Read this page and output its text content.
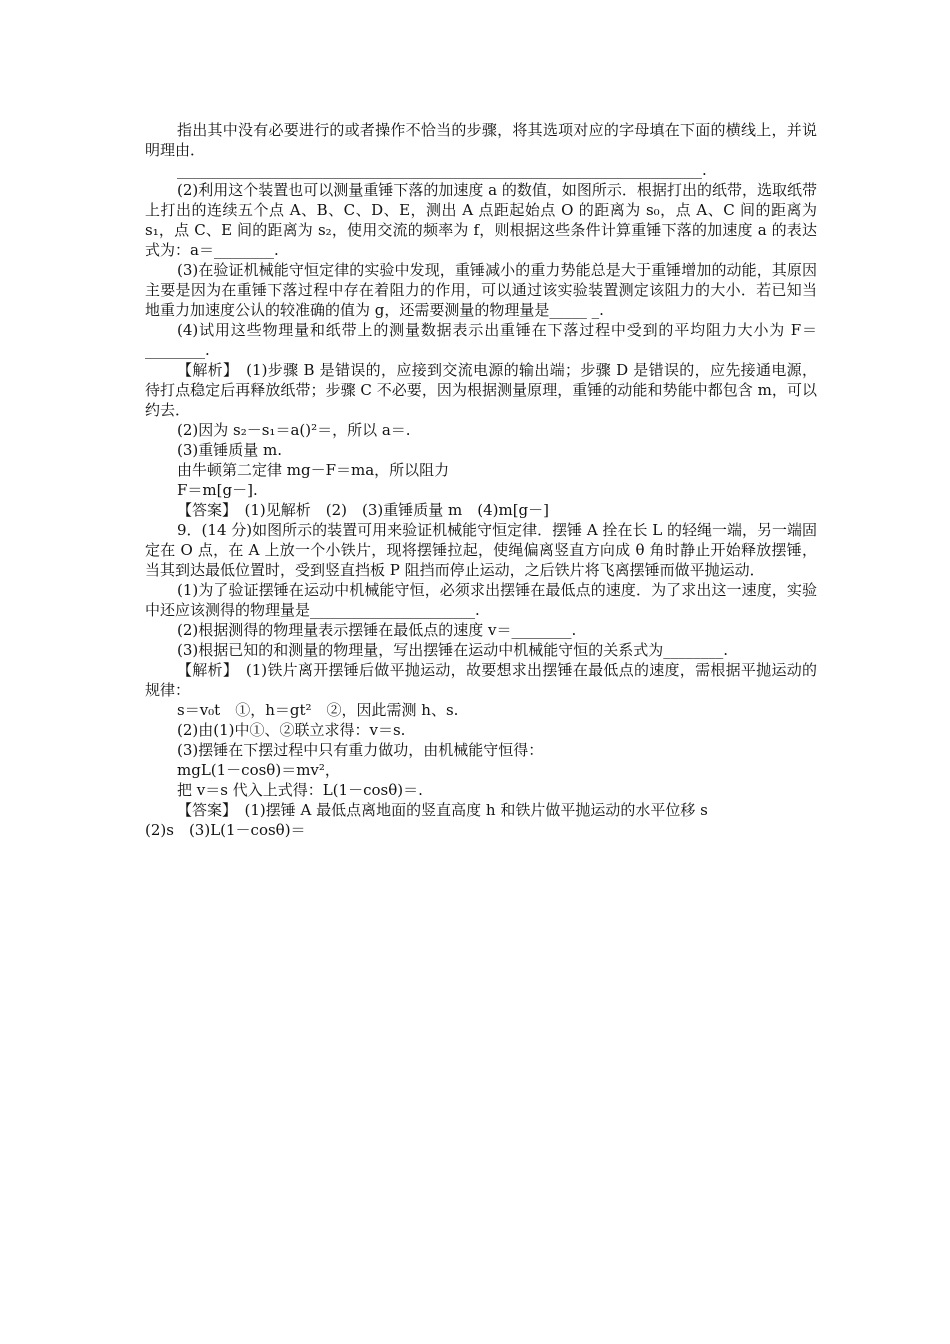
指出其中没有必要进行的或者操作不恰当的步骤，将其选项对应的字母填在下面的横线上，并说明理由．

______________________________________________________________________.

(2)利用这个装置也可以测量重锤下落的加速度 a 的数值，如图所示．根据打出的纸带，选取纸带上打出的连续五个点 A、B、C、D、E，测出 A 点距起始点 O 的距离为 s₀，点 A、C 间的距离为 s₁，点 C、E 间的距离为 s₂，使用交流的频率为 f，则根据这些条件计算重锤下落的加速度 a 的表达式为：a＝________.

(3)在验证机械能守恒定律的实验中发现，重锤减小的重力势能总是大于重锤增加的动能，其原因主要是因为在重锤下落过程中存在着阻力的作用，可以通过该实验装置测定该阻力的大小．若已知当地重力加速度公认的较准确的值为 g，还需要测量的物理量是_____ _.

(4)试用这些物理量和纸带上的测量数据表示出重锤在下落过程中受到的平均阻力大小为 F＝________.

【解析】　(1)步骤 B 是错误的，应接到交流电源的输出端；步骤 D 是错误的，应先接通电源，待打点稳定后再释放纸带；步骤 C 不必要，因为根据测量原理，重锤的动能和势能中都包含 m，可以约去．

(2)因为 s₂－s₁＝a()²＝，所以 a＝.

(3)重锤质量 m.

由牛顿第二定律 mg－F＝ma，所以阻力

F＝m[g－].

【答案】　(1)见解析　(2)　(3)重锤质量 m　(4)m[g－]

9．(14 分)如图所示的装置可用来验证机械能守恒定律．摆锤 A 拴在长 L 的轻绳一端，另一端固定在 O 点，在 A 上放一个小铁片，现将摆锤拉起，使绳偏离竖直方向成 θ 角时静止开始释放摆锤，当其到达最低位置时，受到竖直挡板 P 阻挡而停止运动，之后铁片将飞离摆锤而做平抛运动．

(1)为了验证摆锤在运动中机械能守恒，必须求出摆锤在最低点的速度．为了求出这一速度，实验中还应该测得的物理量是______________________.

(2)根据测得的物理量表示摆锤在最低点的速度 v＝________.

(3)根据已知的和测量的物理量，写出摆锤在运动中机械能守恒的关系式为________.

【解析】　(1)铁片离开摆锤后做平抛运动，故要想求出摆锤在最低点的速度，需根据平抛运动的规律：

s＝v₀t　①，h＝gt²　②，因此需测 h、s.

(2)由(1)中①、②联立求得：v＝s.

(3)摆锤在下摆过程中只有重力做功，由机械能守恒得：

mgL(1－cosθ)＝mv²，

把 v＝s 代入上式得：L(1－cosθ)＝.

【答案】　(1)摆锤 A 最低点离地面的竖直高度 h 和铁片做平抛运动的水平位移 s

(2)s　(3)L(1－cosθ)＝
